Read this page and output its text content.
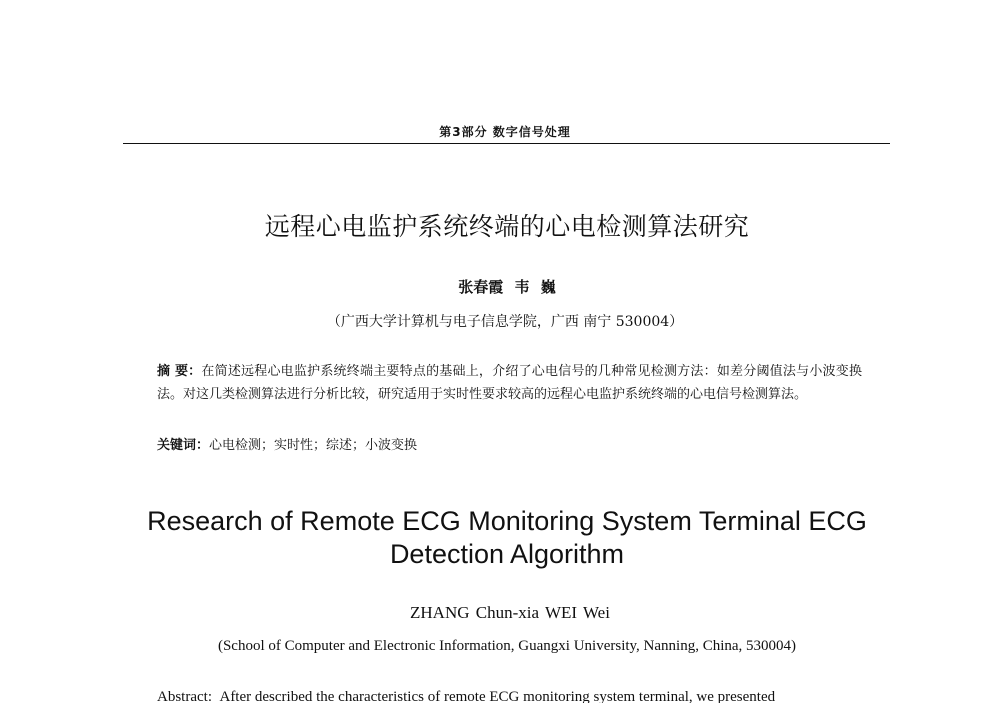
第3部分 数字信号处理
远程心电监护系统终端的心电检测算法研究
张春霞 韦 巍
（广西大学计算机与电子信息学院，广西 南宁 530004）
摘 要：在简述远程心电监护系统终端主要特点的基础上，介绍了心电信号的几种常见检测方法：如差分阈值法与小波变换法。对这几类检测算法进行分析比较，研究适用于实时性要求较高的远程心电监护系统终端的心电信号检测算法。
关键词：心电检测；实时性；综述；小波变换
Research of Remote ECG Monitoring System Terminal ECG
Detection Algorithm
ZHANG Chun-xia WEI Wei
(School of Computer and Electronic Information, Guangxi University, Nanning, China, 530004)
Abstract: After described the characteristics of remote ECG monitoring system terminal, we presented
